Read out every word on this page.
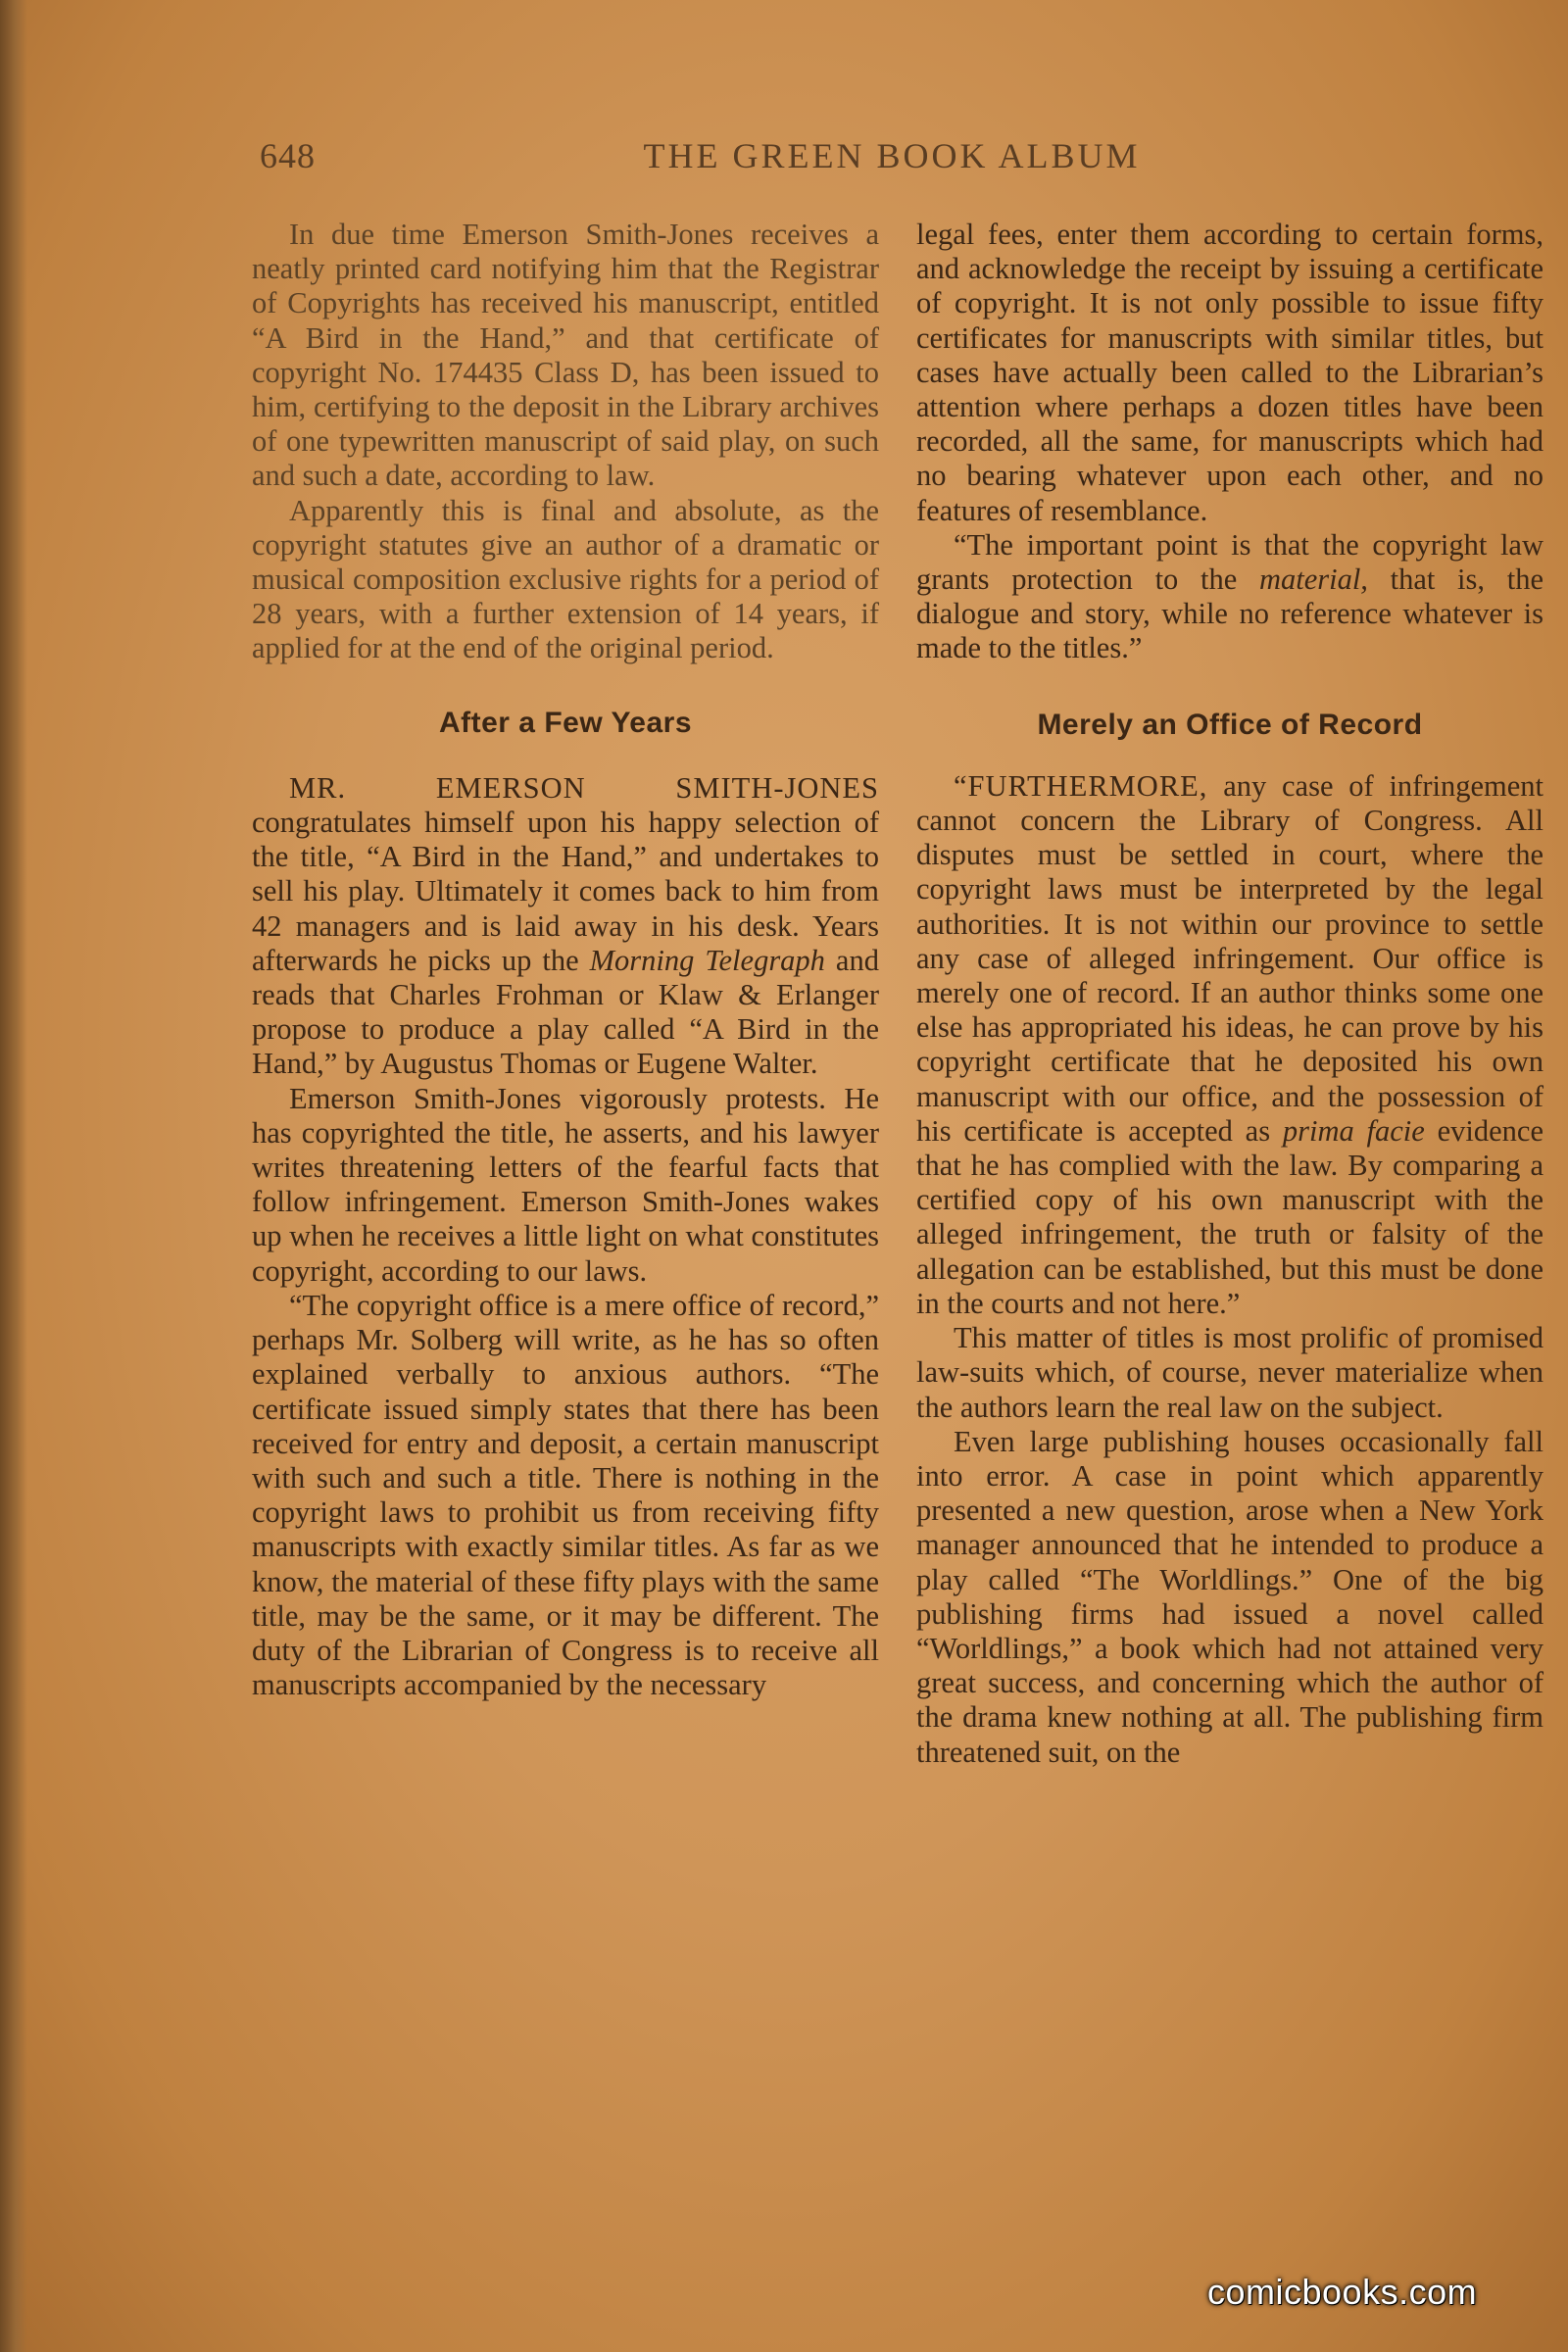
648	THE GREEN BOOK ALBUM

In due time Emerson Smith-Jones receives a neatly printed card notifying him that the Registrar of Copyrights has received his manuscript, entitled “A Bird in the Hand,” and that certificate of copyright No. 174435 Class D, has been issued to him, certifying to the deposit in the Library archives of one typewritten manuscript of said play, on such and such a date, according to law.

Apparently this is final and absolute, as the copyright statutes give an author of a dramatic or musical composition exclusive rights for a period of 28 years, with a further extension of 14 years, if applied for at the end of the original period.

After a Few Years

MR. EMERSON SMITH-JONES congratulates himself upon his happy selection of the title, “A Bird in the Hand,” and undertakes to sell his play. Ultimately it comes back to him from 42 managers and is laid away in his desk. Years afterwards he picks up the Morning Telegraph and reads that Charles Frohman or Klaw & Erlanger propose to produce a play called “A Bird in the Hand,” by Augustus Thomas or Eugene Walter.

Emerson Smith-Jones vigorously protests. He has copyrighted the title, he asserts, and his lawyer writes threatening letters of the fearful facts that follow infringement. Emerson Smith-Jones wakes up when he receives a little light on what constitutes copyright, according to our laws.

“The copyright office is a mere office of record,” perhaps Mr. Solberg will write, as he has so often explained verbally to anxious authors. “The certificate issued simply states that there has been received for entry and deposit, a certain manuscript with such and such a title. There is nothing in the copyright laws to prohibit us from receiving fifty manuscripts with exactly similar titles. As far as we know, the material of these fifty plays with the same title, may be the same, or it may be different. The duty of the Librarian of Congress is to receive all manuscripts accompanied by the necessary

legal fees, enter them according to certain forms, and acknowledge the receipt by issuing a certificate of copyright. It is not only possible to issue fifty certificates for manuscripts with similar titles, but cases have actually been called to the Librarian’s attention where perhaps a dozen titles have been recorded, all the same, for manuscripts which had no bearing whatever upon each other, and no features of resemblance.

“The important point is that the copyright law grants protection to the material, that is, the dialogue and story, while no reference whatever is made to the titles.”

Merely an Office of Record

“FURTHERMORE, any case of infringement cannot concern the Library of Congress. All disputes must be settled in court, where the copyright laws must be interpreted by the legal authorities. It is not within our province to settle any case of alleged infringement. Our office is merely one of record. If an author thinks some one else has appropriated his ideas, he can prove by his copyright certificate that he deposited his own manuscript with our office, and the possession of his certificate is accepted as prima facie evidence that he has complied with the law. By comparing a certified copy of his own manuscript with the alleged infringement, the truth or falsity of the allegation can be established, but this must be done in the courts and not here.”

This matter of titles is most prolific of promised law-suits which, of course, never materialize when the authors learn the real law on the subject.

Even large publishing houses occasionally fall into error. A case in point which apparently presented a new question, arose when a New York manager announced that he intended to produce a play called “The Worldlings.” One of the big publishing firms had issued a novel called “Worldlings,” a book which had not attained very great success, and concerning which the author of the drama knew nothing at all. The publishing firm threatened suit, on the

comicbooks.com
